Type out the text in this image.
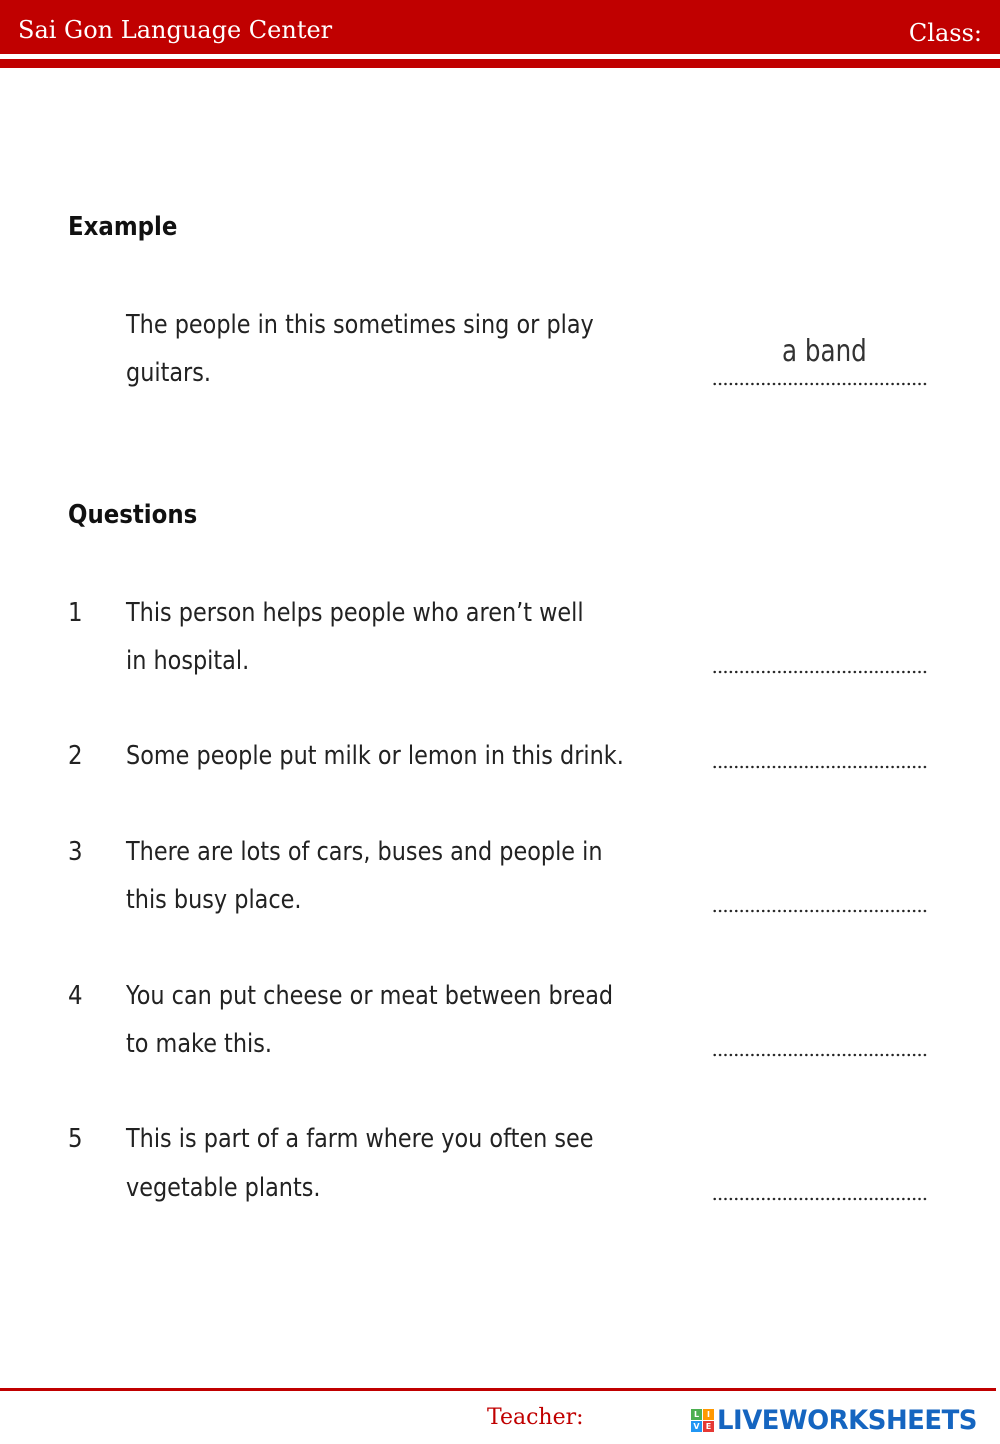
Sai Gon Language Center	Class:
Example
The people in this sometimes sing or play
guitars.
a band
Questions
1 This person helps people who aren’t well
in hospital.
2 Some people put milk or lemon in this drink.
3 There are lots of cars, buses and people in
this busy place.
4 You can put cheese or meat between bread
to make this.
5 This is part of a farm where you often see
vegetable plants.
Teacher:	L I
V E LIVEWORKSHEETS
